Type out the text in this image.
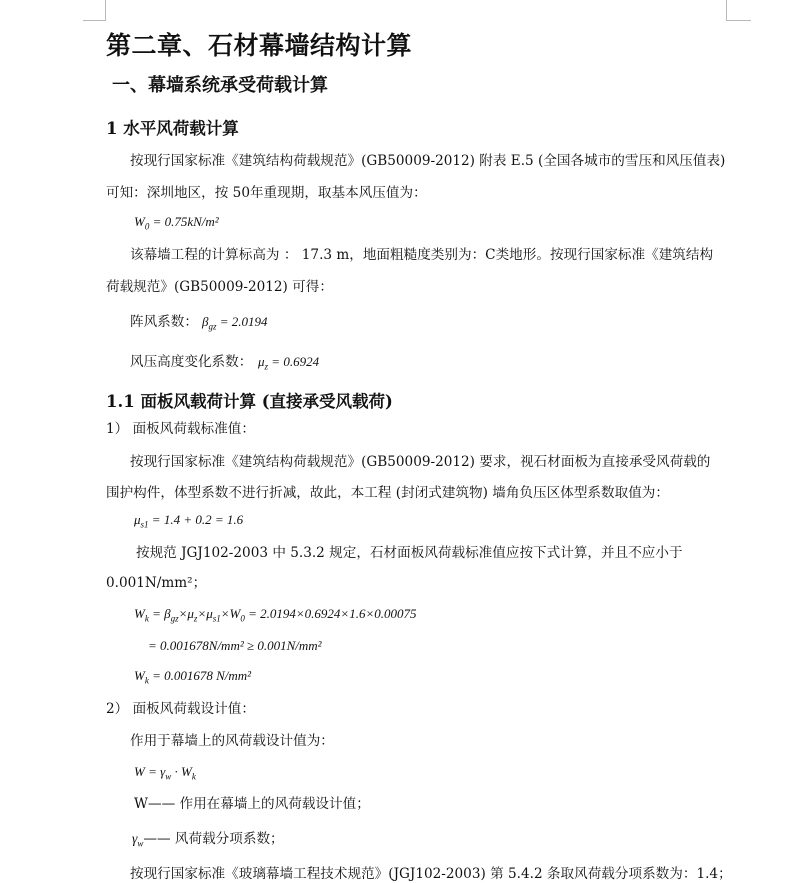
第二章、石材幕墙结构计算
一、幕墙系统承受荷载计算
1 水平风荷载计算
按现行国家标准《建筑结构荷载规范》(GB50009-2012) 附表 E.5 (全国各城市的雪压和风压值表)
可知：深圳地区，按 50年重现期，取基本风压值为：
$W_0 = 0.75kN/m^2$
该幕墙工程的计算标高为 ： 17.3 m，地面粗糙度类别为：C类地形。按现行国家标准《建筑结构
荷载规范》(GB50009-2012) 可得：
阵风系数： $\beta_{gz} = 2.0194$
风压高度变化系数： $\mu_z = 0.6924$
1.1 面板风载荷计算 (直接承受风载荷)
1） 面板风荷载标准值：
按现行国家标准《建筑结构荷载规范》(GB50009-2012) 要求，视石材面板为直接承受风荷载的
围护构件，体型系数不进行折减，故此，本工程 (封闭式建筑物) 墙角负压区体型系数取值为：
$\mu_{s1} = 1.4 + 0.2 = 1.6$
按规范 JGJ102-2003 中 5.3.2 规定，石材面板风荷载标准值应按下式计算，并且不应小于
0.001N/mm²；
$W_k = \beta_{gz}\times\mu_z\times\mu_{s1}\times W_0 = 2.0194\times 0.6924\times 1.6\times 0.00075$
= 0.001678N/mm² ≥ 0.001N/mm²
$W_k = 0.001678$ N/mm²
2） 面板风荷载设计值：
作用于幕墙上的风荷载设计值为：
$W = \gamma_w \cdot W_k$
W—— 作用在幕墙上的风荷载设计值；
$\gamma_w——$ 风荷载分项系数；
按现行国家标准《玻璃幕墙工程技术规范》(JGJ102-2003) 第 5.4.2 条取风荷载分项系数为：1.4；
